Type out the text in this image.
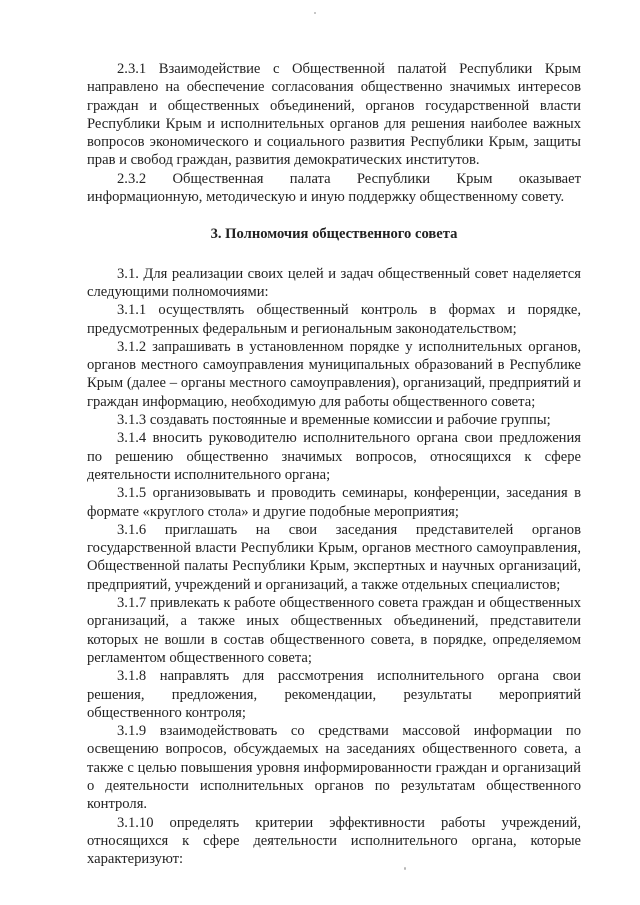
2.3.1 Взаимодействие с Общественной палатой Республики Крым направлено на обеспечение согласования общественно значимых интересов граждан и общественных объединений, органов государственной власти Республики Крым и исполнительных органов для решения наиболее важных вопросов экономического и социального развития Республики Крым, защиты прав и свобод граждан, развития демократических институтов.

2.3.2 Общественная палата Республики Крым оказывает информационную, методическую и иную поддержку общественному совету.

3. Полномочия общественного совета

3.1. Для реализации своих целей и задач общественный совет наделяется следующими полномочиями:

3.1.1 осуществлять общественный контроль в формах и порядке, предусмотренных федеральным и региональным законодательством;

3.1.2 запрашивать в установленном порядке у исполнительных органов, органов местного самоуправления муниципальных образований в Республике Крым (далее – органы местного самоуправления), организаций, предприятий и граждан информацию, необходимую для работы общественного совета;

3.1.3 создавать постоянные и временные комиссии и рабочие группы;

3.1.4 вносить руководителю исполнительного органа свои предложения по решению общественно значимых вопросов, относящихся к сфере деятельности исполнительного органа;

3.1.5 организовывать и проводить семинары, конференции, заседания в формате «круглого стола» и другие подобные мероприятия;

3.1.6 приглашать на свои заседания представителей органов государственной власти Республики Крым, органов местного самоуправления, Общественной палаты Республики Крым, экспертных и научных организаций, предприятий, учреждений и организаций, а также отдельных специалистов;

3.1.7 привлекать к работе общественного совета граждан и общественных организаций, а также иных общественных объединений, представители которых не вошли в состав общественного совета, в порядке, определяемом регламентом общественного совета;

3.1.8 направлять для рассмотрения исполнительного органа свои решения, предложения, рекомендации, результаты мероприятий общественного контроля;

3.1.9 взаимодействовать со средствами массовой информации по освещению вопросов, обсуждаемых на заседаниях общественного совета, а также с целью повышения уровня информированности граждан и организаций о деятельности исполнительных органов по результатам общественного контроля.

3.1.10 определять критерии эффективности работы учреждений, относящихся к сфере деятельности исполнительного органа, которые характеризуют:
